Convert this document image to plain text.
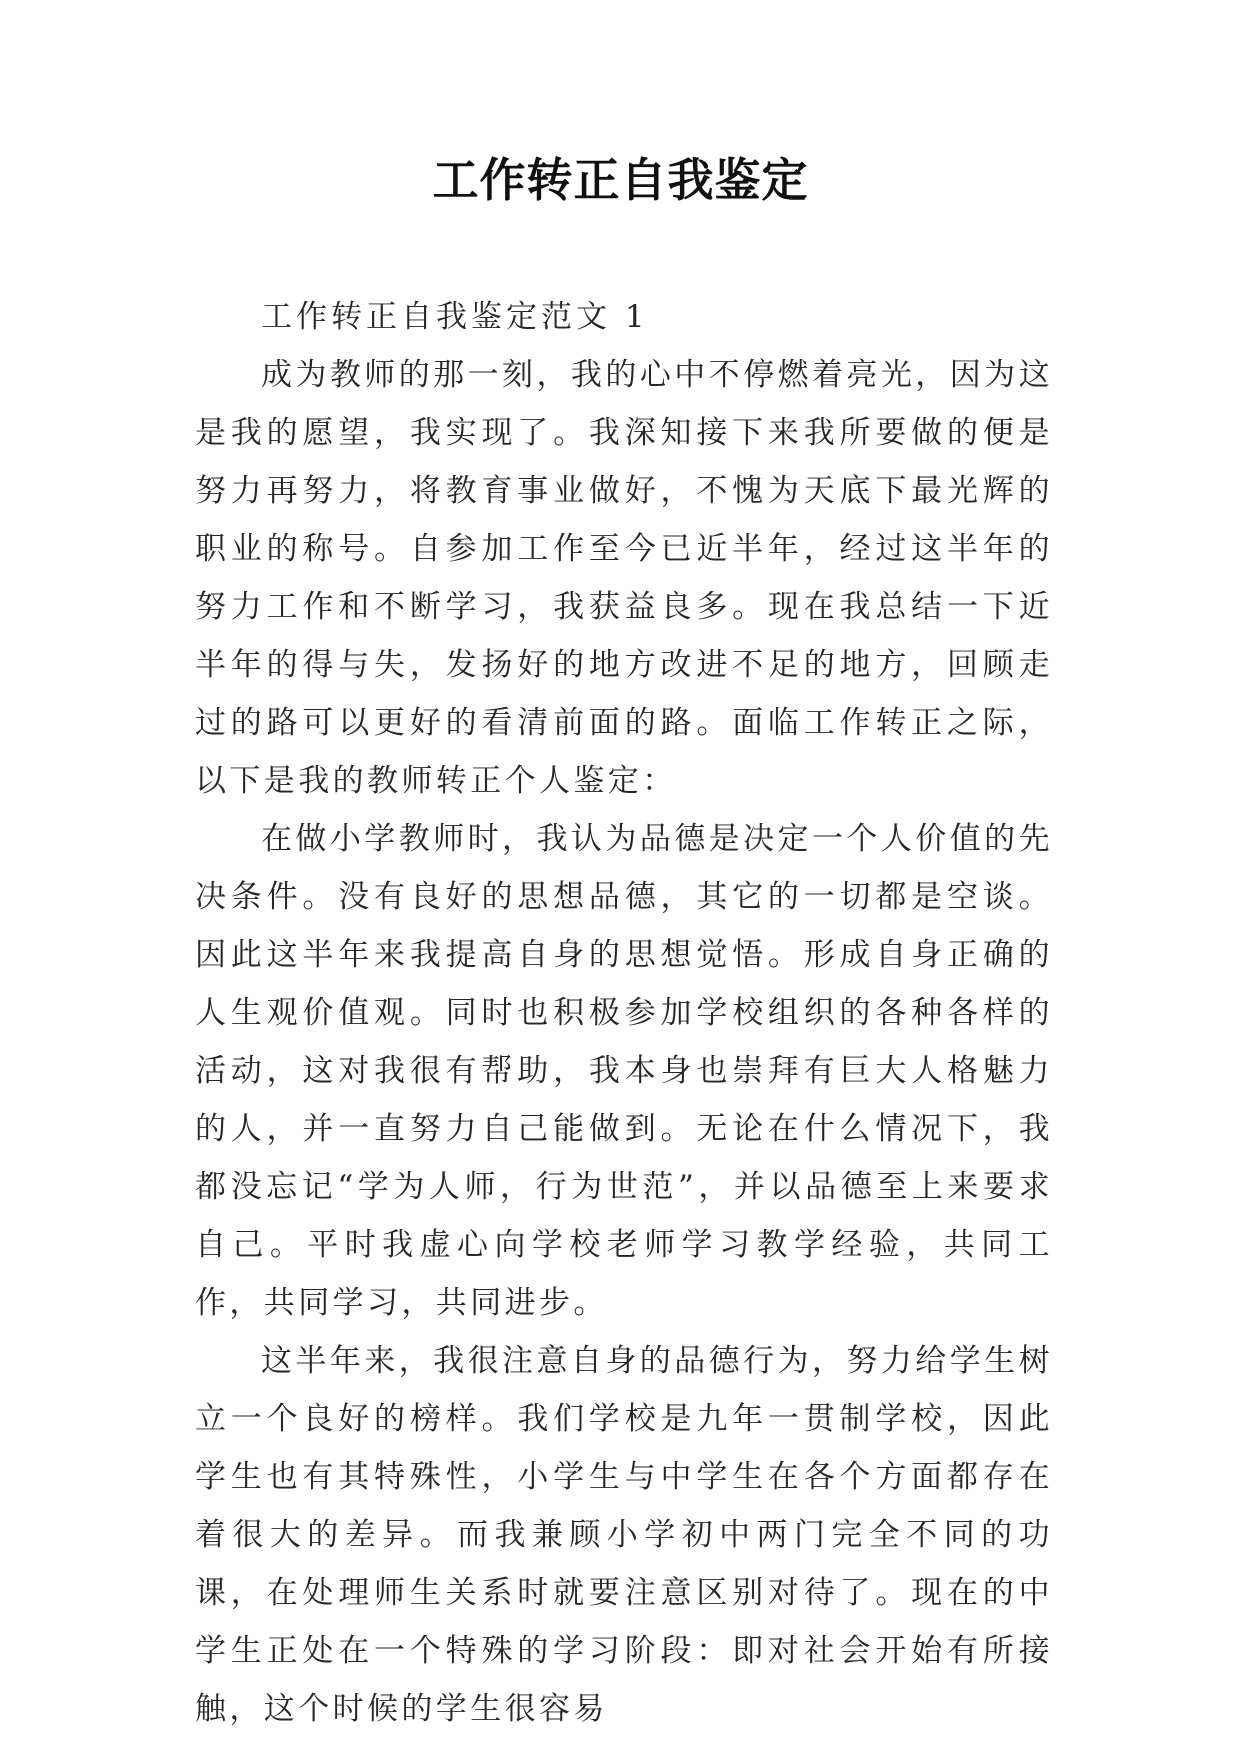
工作转正自我鉴定

工作转正自我鉴定范文 1

成为教师的那一刻，我的心中不停燃着亮光，因为这是我的愿望，我实现了。我深知接下来我所要做的便是努力再努力，将教育事业做好，不愧为天底下最光辉的职业的称号。自参加工作至今已近半年，经过这半年的努力工作和不断学习，我获益良多。现在我总结一下近半年的得与失，发扬好的地方改进不足的地方，回顾走过的路可以更好的看清前面的路。面临工作转正之际，以下是我的教师转正个人鉴定：

在做小学教师时，我认为品德是决定一个人价值的先决条件。没有良好的思想品德，其它的一切都是空谈。因此这半年来我提高自身的思想觉悟。形成自身正确的人生观价值观。同时也积极参加学校组织的各种各样的活动，这对我很有帮助，我本身也崇拜有巨大人格魅力的人，并一直努力自己能做到。无论在什么情况下，我都没忘记“学为人师，行为世范”，并以品德至上来要求自己。平时我虚心向学校老师学习教学经验，共同工作，共同学习，共同进步。

这半年来，我很注意自身的品德行为，努力给学生树立一个良好的榜样。我们学校是九年一贯制学校，因此学生也有其特殊性，小学生与中学生在各个方面都存在着很大的差异。而我兼顾小学初中两门完全不同的功课，在处理师生关系时就要注意区别对待了。现在的中学生正处在一个特殊的学习阶段：即对社会开始有所接触，这个时候的学生很容易
